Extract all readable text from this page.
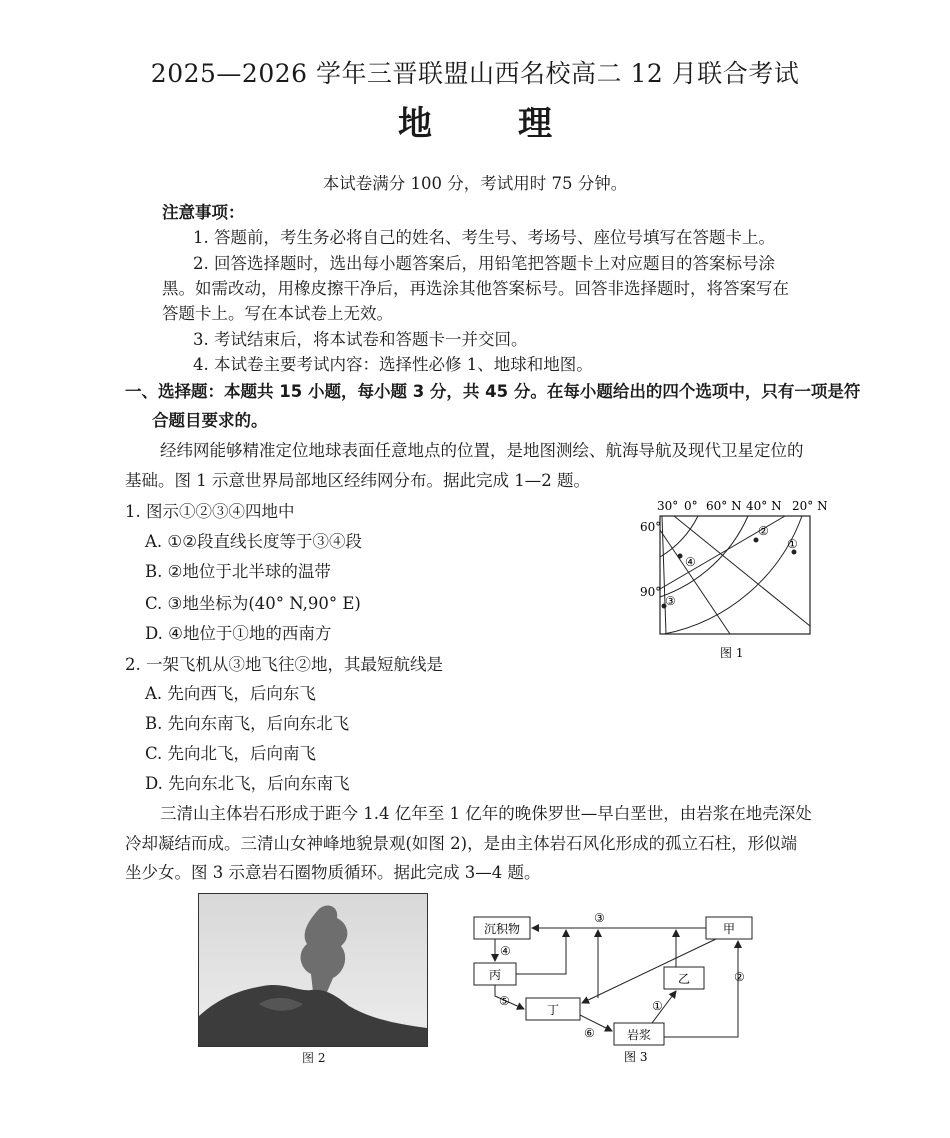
2025—2026 学年三晋联盟山西名校高二 12 月联合考试
地理
本试卷满分 100 分，考试用时 75 分钟。
注意事项：
1. 答题前，考生务必将自己的姓名、考生号、考场号、座位号填写在答题卡上。
2. 回答选择题时，选出每小题答案后，用铅笔把答题卡上对应题目的答案标号涂
黑。如需改动，用橡皮擦干净后，再选涂其他答案标号。回答非选择题时，将答案写在
答题卡上。写在本试卷上无效。
3. 考试结束后，将本试卷和答题卡一并交回。
4. 本试卷主要考试内容：选择性必修 1、地球和地图。
一、选择题：本题共 15 小题，每小题 3 分，共 45 分。在每小题给出的四个选项中，只有一项是符
合题目要求的。
经纬网能够精准定位地球表面任意地点的位置，是地图测绘、航海导航及现代卫星定位的
基础。图 1 示意世界局部地区经纬网分布。据此完成 1—2 题。
1. 图示①②③④四地中
A. ①②段直线长度等于③④段
B. ②地位于北半球的温带
C. ③地坐标为(40° N,90° E)
D. ④地位于①地的西南方
2. 一架飞机从③地飞往②地，其最短航线是
A. 先向西飞，后向东飞
B. 先向东南飞，后向东北飞
C. 先向北飞，后向南飞
D. 先向东北飞，后向东南飞
三清山主体岩石形成于距今 1.4 亿年至 1 亿年的晚侏罗世—早白垩世，由岩浆在地壳深处
冷却凝结而成。三清山女神峰地貌景观(如图 2)，是由主体岩石风化形成的孤立石柱，形似端
坐少女。图 3 示意岩石圈物质循环。据此完成 3—4 题。
①
②
③
④
30° 0° 60° N 40° N 20° N
60°
90°
图 1
图 2
沉积物	甲
丙	乙
丁
岩浆
③
④
⑤
⑥
①
②
图 3
